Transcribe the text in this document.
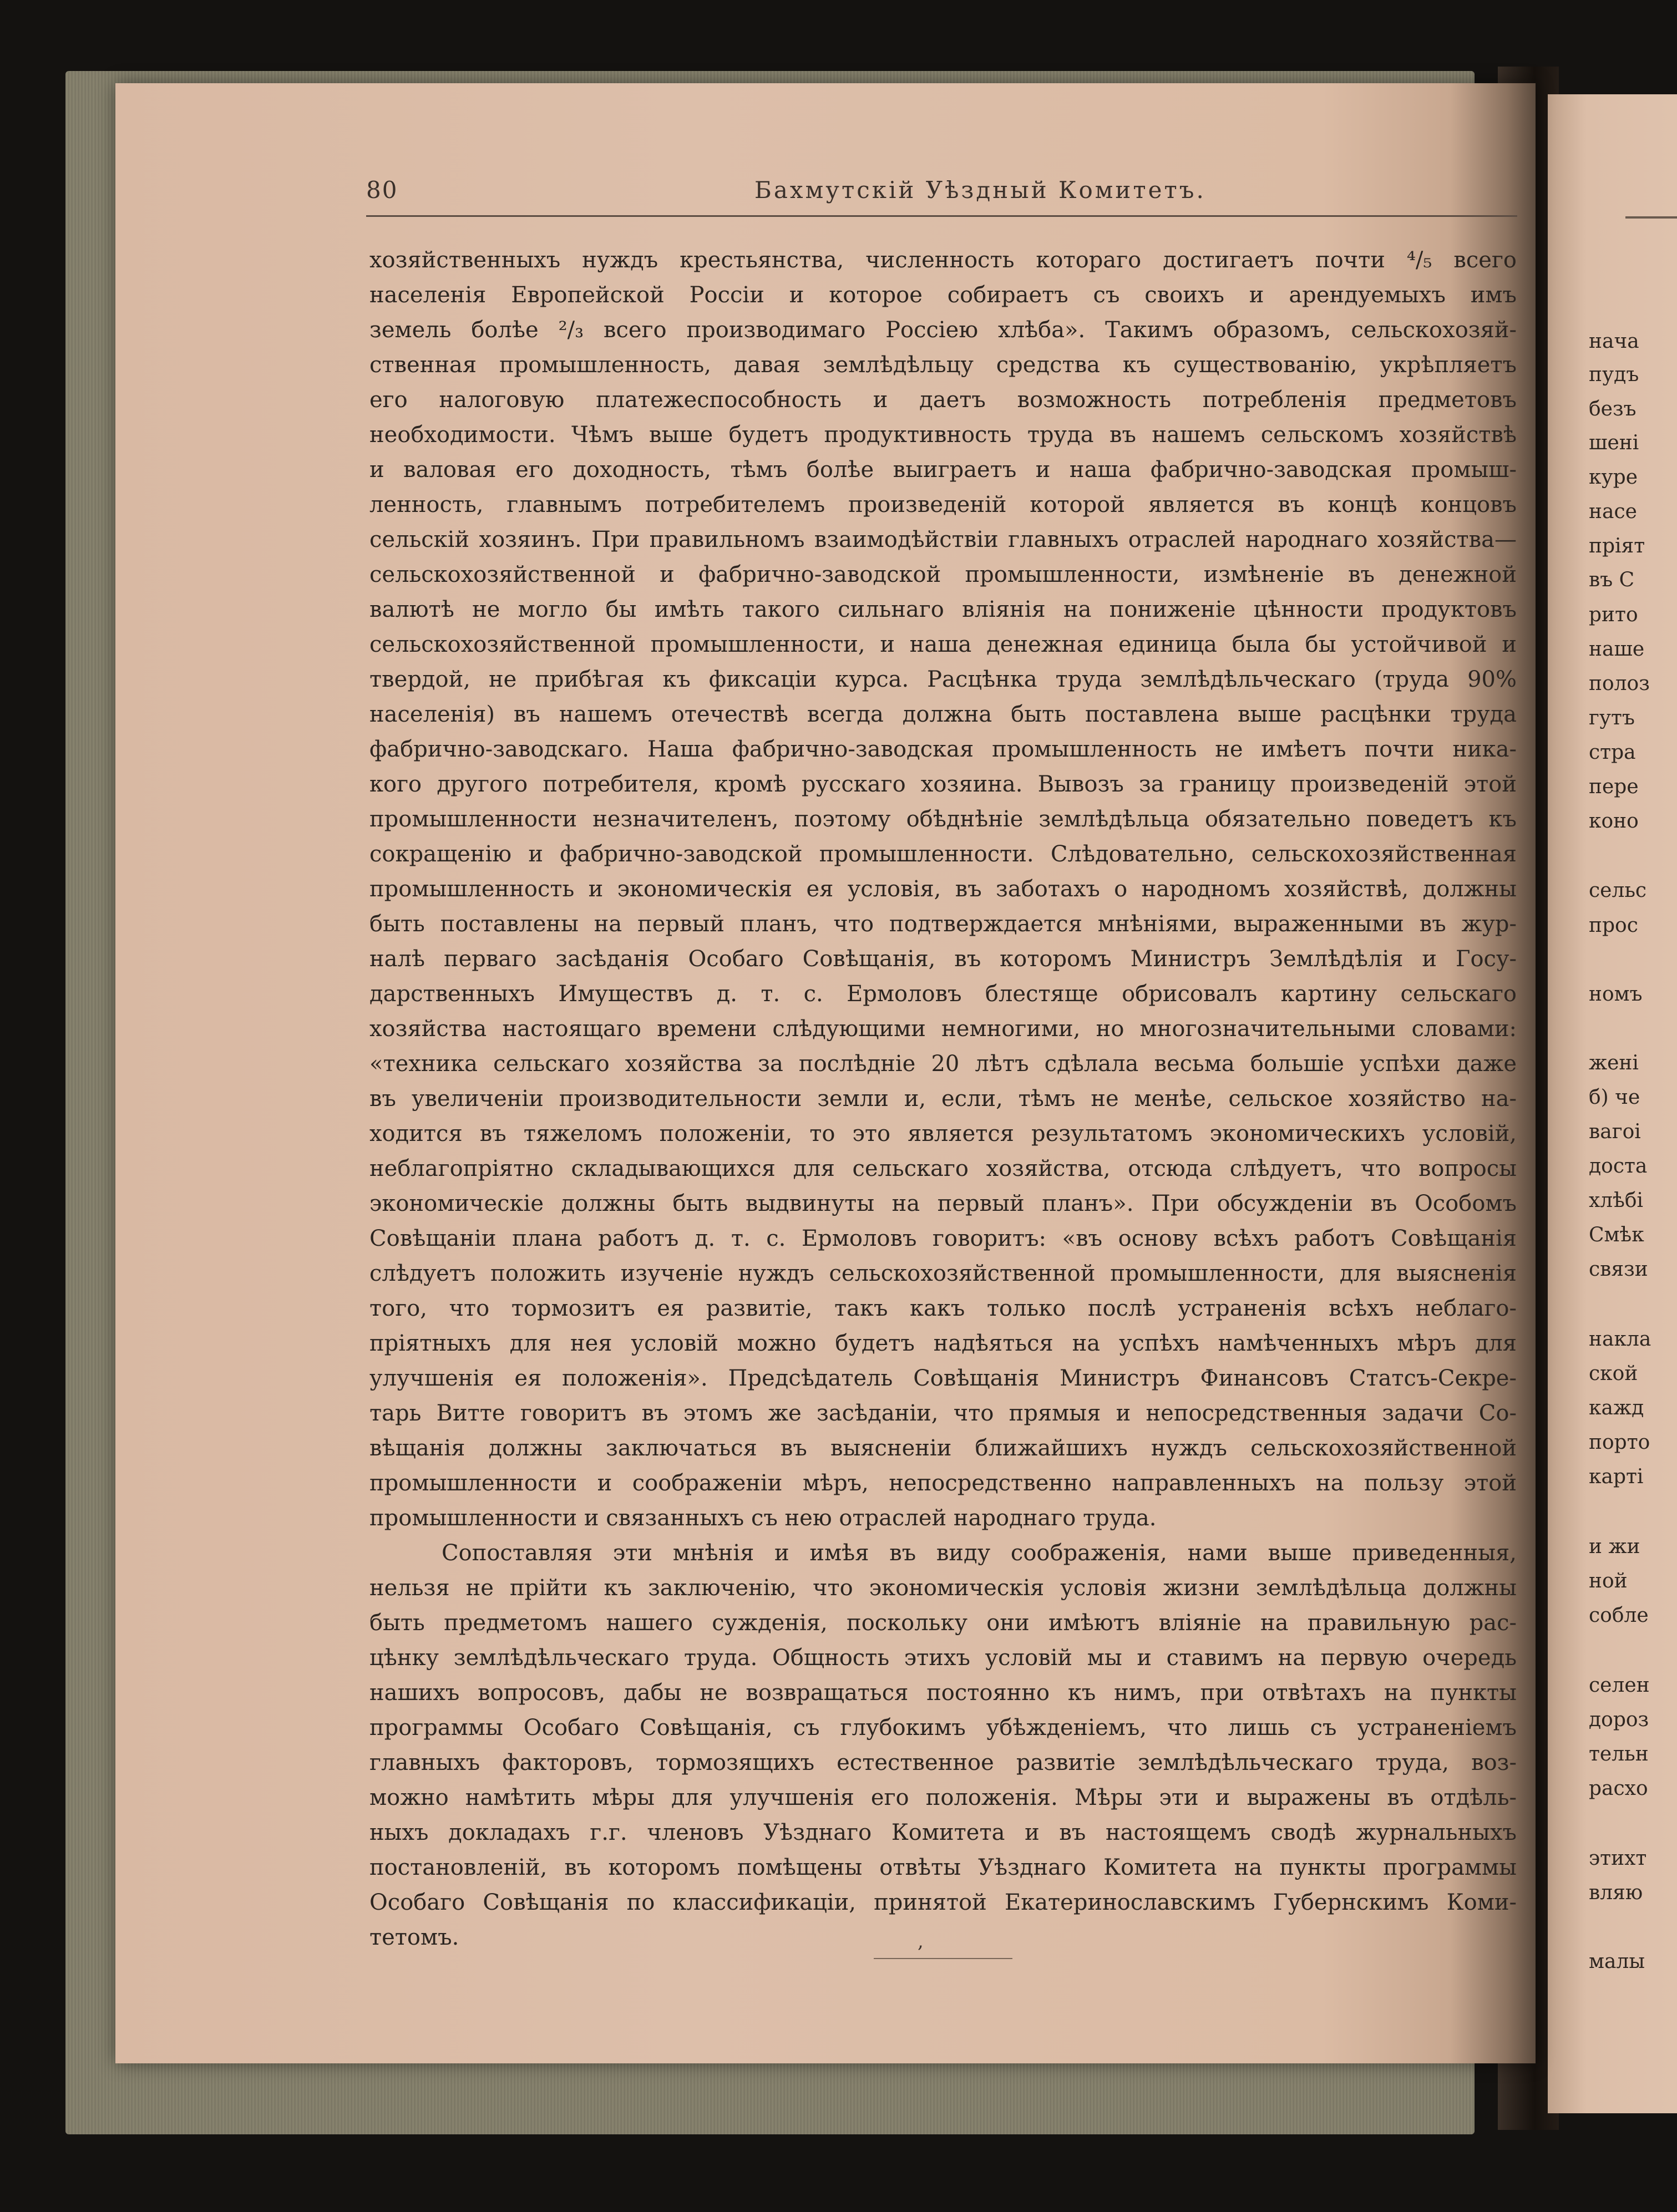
нача
пудъ
безъ
шені
куре
насе
пріят
въ С
рито
наше
полоз
гутъ
стра
пере
коно
сельс
прос
номъ
жені
б) че
вагоі
доста
хлѣбі
Смѣк
связи
накла
ской
кажд
порто
карті
и жи
ной
собле
селен
дороз
тельн
расхо
этихт
вляю
малы
80	Бахмутскій Уѣздный Комитетъ.
хозяйственныхъ нуждъ крестьянства, численность котораго достигаетъ почти ⁴/₅ всего
населенія Европейской Россіи и которое собираетъ съ своихъ и арендуемыхъ имъ
земель болѣе ²/₃ всего производимаго Россіею хлѣба». Такимъ образомъ, сельскохозяй-
ственная промышленность, давая землѣдѣльцу средства къ существованію, укрѣпляетъ
его налоговую платежеспособность и даетъ возможность потребленія предметовъ
необходимости. Чѣмъ выше будетъ продуктивность труда въ нашемъ сельскомъ хозяйствѣ
и валовая его доходность, тѣмъ болѣе выиграетъ и наша фабрично-заводская промыш-
ленность, главнымъ потребителемъ произведеній которой является въ концѣ концовъ
сельскій хозяинъ. При правильномъ взаимодѣйствіи главныхъ отраслей народнаго хозяйства—
сельскохозяйственной и фабрично-заводской промышленности, измѣненіе въ денежной
валютѣ не могло бы имѣть такого сильнаго вліянія на пониженіе цѣнности продуктовъ
сельскохозяйственной промышленности, и наша денежная единица была бы устойчивой и
твердой, не прибѣгая къ фиксаціи курса. Расцѣнка труда землѣдѣльческаго (труда 90%
населенія) въ нашемъ отечествѣ всегда должна быть поставлена выше расцѣнки труда
фабрично-заводскаго. Наша фабрично-заводская промышленность не имѣетъ почти ника-
кого другого потребителя, кромѣ русскаго хозяина. Вывозъ за границу произведеній этой
промышленности незначителенъ, поэтому обѣднѣніе землѣдѣльца обязательно поведетъ къ
сокращенію и фабрично-заводской промышленности. Слѣдовательно, сельскохозяйственная
промышленность и экономическія ея условія, въ заботахъ о народномъ хозяйствѣ, должны
быть поставлены на первый планъ, что подтверждается мнѣніями, выраженными въ жур-
налѣ перваго засѣданія Особаго Совѣщанія, въ которомъ Министръ Землѣдѣлія и Госу-
дарственныхъ Имуществъ д. т. с. Ермоловъ блестяще обрисовалъ картину сельскаго
хозяйства настоящаго времени слѣдующими немногими, но многозначительными словами:
«техника сельскаго хозяйства за послѣдніе 20 лѣтъ сдѣлала весьма большіе успѣхи даже
въ увеличеніи производительности земли и, если, тѣмъ не менѣе, сельское хозяйство на-
ходится въ тяжеломъ положеніи, то это является результатомъ экономическихъ условій,
неблагопріятно складывающихся для сельскаго хозяйства, отсюда слѣдуетъ, что вопросы
экономическіе должны быть выдвинуты на первый планъ». При обсужденіи въ Особомъ
Совѣщаніи плана работъ д. т. с. Ермоловъ говоритъ: «въ основу всѣхъ работъ Совѣщанія
слѣдуетъ положить изученіе нуждъ сельскохозяйственной промышленности, для выясненія
того, что тормозитъ ея развитіе, такъ какъ только послѣ устраненія всѣхъ неблаго-
пріятныхъ для нея условій можно будетъ надѣяться на успѣхъ намѣченныхъ мѣръ для
улучшенія ея положенія». Предсѣдатель Совѣщанія Министръ Финансовъ Статсъ-Секре-
тарь Витте говоритъ въ этомъ же засѣданіи, что прямыя и непосредственныя задачи Со-
вѣщанія должны заключаться въ выясненіи ближайшихъ нуждъ сельскохозяйственной
промышленности и соображеніи мѣръ, непосредственно направленныхъ на пользу этой
промышленности и связанныхъ съ нею отраслей народнаго труда.
Сопоставляя эти мнѣнія и имѣя въ виду соображенія, нами выше приведенныя,
нельзя не прійти къ заключенію, что экономическія условія жизни землѣдѣльца должны
быть предметомъ нашего сужденія, поскольку они имѣютъ вліяніе на правильную рас-
цѣнку землѣдѣльческаго труда. Общность этихъ условій мы и ставимъ на первую очередь
нашихъ вопросовъ, дабы не возвращаться постоянно къ нимъ, при отвѣтахъ на пункты
программы Особаго Совѣщанія, съ глубокимъ убѣжденіемъ, что лишь съ устраненіемъ
главныхъ факторовъ, тормозящихъ естественное развитіе землѣдѣльческаго труда, воз-
можно намѣтить мѣры для улучшенія его положенія. Мѣры эти и выражены въ отдѣль-
ныхъ докладахъ г.г. членовъ Уѣзднаго Комитета и въ настоящемъ сводѣ журнальныхъ
постановленій, въ которомъ помѣщены отвѣты Уѣзднаго Комитета на пункты программы
Особаго Совѣщанія по классификаціи, принятой Екатеринославскимъ Губернскимъ Коми-
тетомъ.	,
